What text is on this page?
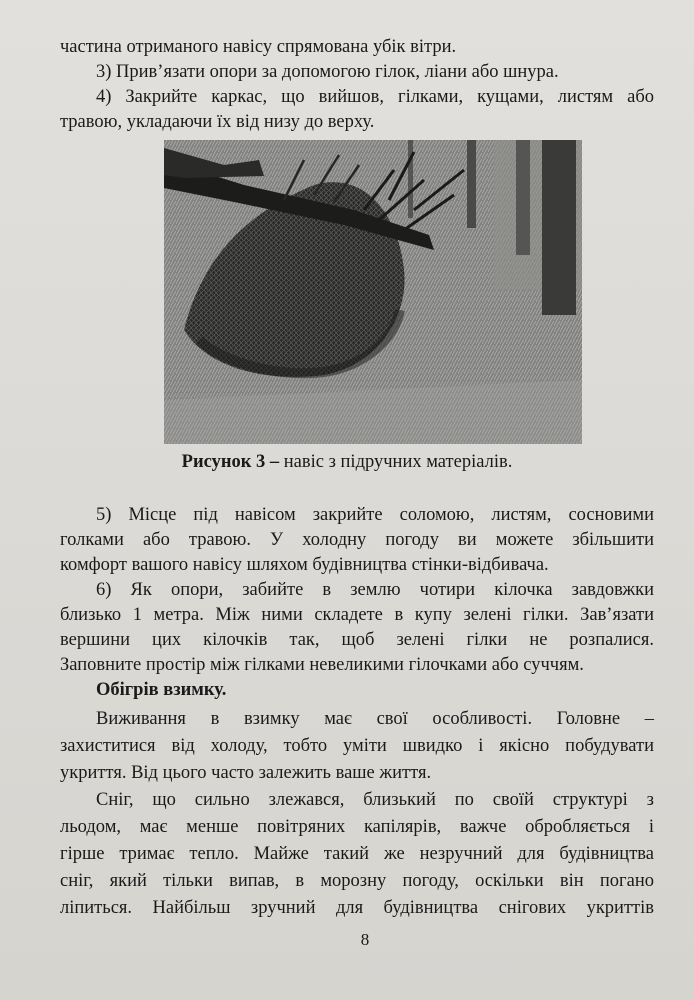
частина отриманого навісу спрямована убік вітри.

3) Прив’язати опори за допомогою гілок, ліани або шнура.

4) Закрийте каркас, що вийшов, гілками, кущами, листям або

травою, укладаючи їх від низу до верху.

Рисунок 3 – навіс з підручних матеріалів.

5) Місце під навісом закрийте соломою, листям, сосновими

голками або травою. У холодну погоду ви можете збільшити

комфорт вашого навісу шляхом будівництва стінки-відбивача.

6) Як опори, забийте в землю чотири кілочка завдовжки

близько 1 метра. Між ними складете в купу зелені гілки. Зав’язати

вершини цих кілочків так, щоб зелені гілки не розпалися.

Заповните простір між гілками невеликими гілочками або суччям.

Обігрів взимку.

Виживання в взимку має свої особливості. Головне –

захиститися від холоду, тобто уміти швидко і якісно побудувати

укриття. Від цього часто залежить ваше життя.

Сніг, що сильно злежався, близький по своїй структурі з

льодом, має менше повітряних капілярів, важче обробляється і

гірше тримає тепло. Майже такий же незручний для будівництва

сніг, який тільки випав, в морозну погоду, оскільки він погано

ліпиться. Найбільш зручний для будівництва снігових укриттів

8
